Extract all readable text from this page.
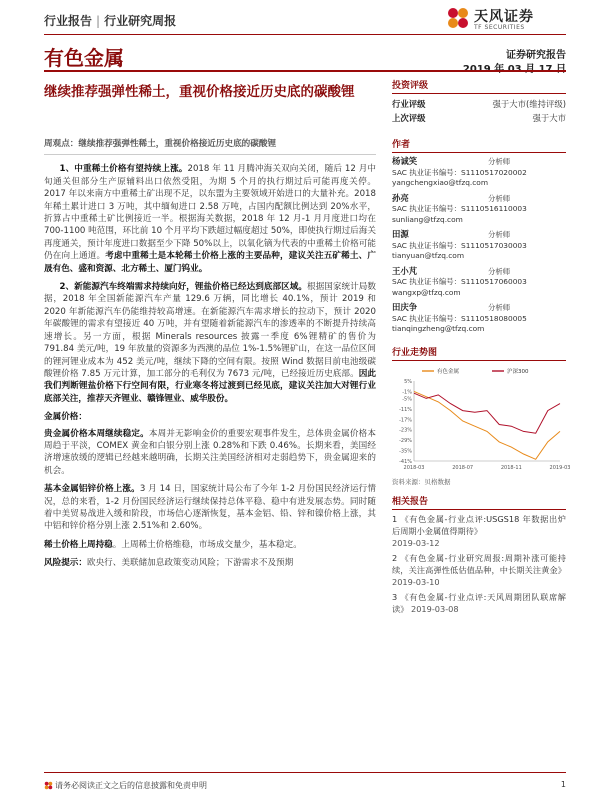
行业报告 | 行业研究周报	天风证券
TF SECURITIES
有色金属	证券研究报告
2019 年 03 月 17 日
继续推荐强弹性稀土，重视价格接近历史底的碳酸锂
周观点：继续推荐强弹性稀土，重视价格接近历史底的碳酸锂

1、中重稀土价格有望持续上涨。2018 年 11 月腾冲海关双向关闭，随后 12 月中旬通关但部分生产原辅料出口依然受阻，为期 5 个月的执行期过后可能再度关停。2017 年以来南方中重稀土矿出现不足，以东盟为主要领域开始进口的大量补充。2018 年稀土累计进口 3 万吨，其中缅甸进口 2.58 万吨，占国内配额比例达到 20%水平，折算占中重稀土矿比例接近一半。根据海关数据，2018 年 12 月-1 月月度进口均在 700-1100 吨范围，环比前 10 个月平均下跌超过幅度超过 50%，即使执行期过后海关再度通关，预计年度进口数据至少下降 50%以上，以氧化镝为代表的中重稀土价格可能仍在向上通道。考虑中重稀土是本轮稀土价格上涨的主要品种，建议关注五矿稀土、广晟有色、盛和资源、北方稀土、厦门钨业。

2、新能源汽车终端需求持续向好，锂盐价格已经达到底部区域。根据国家统计局数据，2018 年全国新能源汽车产量 129.6 万辆，同比增长 40.1%，预计 2019 和 2020 年新能源汽车仍能维持较高增速。在新能源汽车需求增长的拉动下，预计 2020 年碳酸锂的需求有望接近 40 万吨，并有望随着新能源汽车的渗透率的不断提升持续高速增长。另一方面，根据 Minerals resources 披露一季度 6%锂精矿的售价为 791.84 美元/吨，19 年放量的资源多为西澳的品位 1%-1.5%锂矿山，在这一品位区间的锂河锂业成本为 452 美元/吨，继续下降的空间有限。按照 Wind 数据目前电池级碳酸锂价格 7.85 万元计算，加工部分的毛利仅为 7673 元/吨，已经接近历史底部。因此我们判断锂盐价格下行空间有限，行业寒冬将过渡到已经见底，建议关注加大对锂行业底部关注，推荐天齐锂业、赣锋锂业、威华股份。

金属价格：

贵金属价格本周继续稳定。本周并无影响金价的重要宏观事件发生，总体贵金属价格本周趋于平淡，COMEX 黄金和白银分别上涨 0.28%和下跌 0.46%。长期来看，美国经济增速放缓的逻辑已经越来越明确，长期关注美国经济相对走弱趋势下，贵金属迎来的机会。

基本金属铝锌价格上涨。3 月 14 日，国家统计局公布了今年 1-2 月份国民经济运行情况，总的来看，1-2 月份国民经济运行继续保持总体平稳、稳中有进发展态势。同时随着中美贸易战进入缓和阶段，市场信心逐渐恢复，基本金铝、铅、锌和镍价格上涨，其中铝和锌价格分别上涨 2.51%和 2.60%。

稀土价格上周持稳。上周稀土价格维稳，市场成交量少，基本稳定。

风险提示：欧央行、美联储加息政策变动风险；下游需求不及预期

投资评级
行业评级	强于大市(维持评级)
上次评级	强于大市
作者
杨诚笑	分析师
SAC 执业证书编号：S1110517020002
yangchengxiao@tfzq.com
孙亮	分析师
SAC 执业证书编号：S1110516110003
sunliang@tfzq.com
田源	分析师
SAC 执业证书编号：S1110517030003
tianyuan@tfzq.com
王小芃	分析师
SAC 执业证书编号：S1110517060003
wangxp@tfzq.com
田庆争	分析师
SAC 执业证书编号：S1110518080005
tianqingzheng@tfzq.com
行业走势图
5%
-1%
-5%
-11%
-17%
-23%
-29%
-35%
-41%
2018-03	2018-07	2018-11	2019-03
有色金属	沪深300
资料来源：贝格数据
相关报告
1 《有色金属-行业点评:USGS18 年数据出炉 后周期小金属值得期待》
2019-03-12
2 《有色金属-行业研究周报:周期补涨可能持续，关注高弹性低估值品种，中长期关注黄金》 2019-03-10
3 《有色金属-行业点评:天风周期团队联席解读》 2019-03-08
请务必阅读正文之后的信息披露和免责申明	1
